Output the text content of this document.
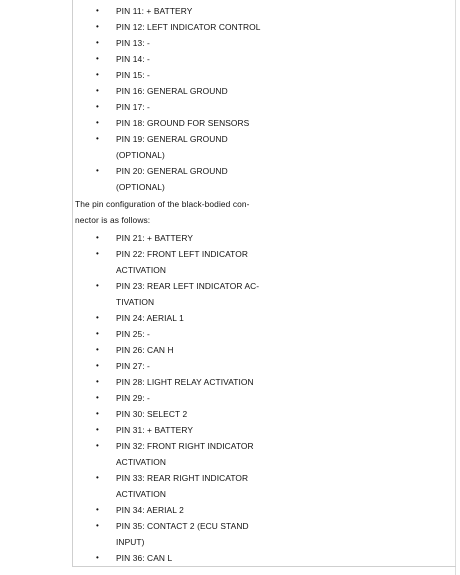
• PIN 11: + BATTERY
• PIN 12: LEFT INDICATOR CONTROL
• PIN 13: -
• PIN 14: -
• PIN 15: -
• PIN 16: GENERAL GROUND
• PIN 17: -
• PIN 18: GROUND FOR SENSORS
• PIN 19: GENERAL GROUND (OPTIONAL)
• PIN 20: GENERAL GROUND (OPTIONAL)

The pin configuration of the black-bodied con-nector is as follows:

• PIN 21: + BATTERY
• PIN 22: FRONT LEFT INDICATOR ACTIVATION
• PIN 23: REAR LEFT INDICATOR AC-TIVATION
• PIN 24: AERIAL 1
• PIN 25: -
• PIN 26: CAN H
• PIN 27: -
• PIN 28: LIGHT RELAY ACTIVATION
• PIN 29: -
• PIN 30: SELECT 2
• PIN 31: + BATTERY
• PIN 32: FRONT RIGHT INDICATOR ACTIVATION
• PIN 33: REAR RIGHT INDICATOR ACTIVATION
• PIN 34: AERIAL 2
• PIN 35: CONTACT 2 (ECU STAND INPUT)
• PIN 36: CAN L
